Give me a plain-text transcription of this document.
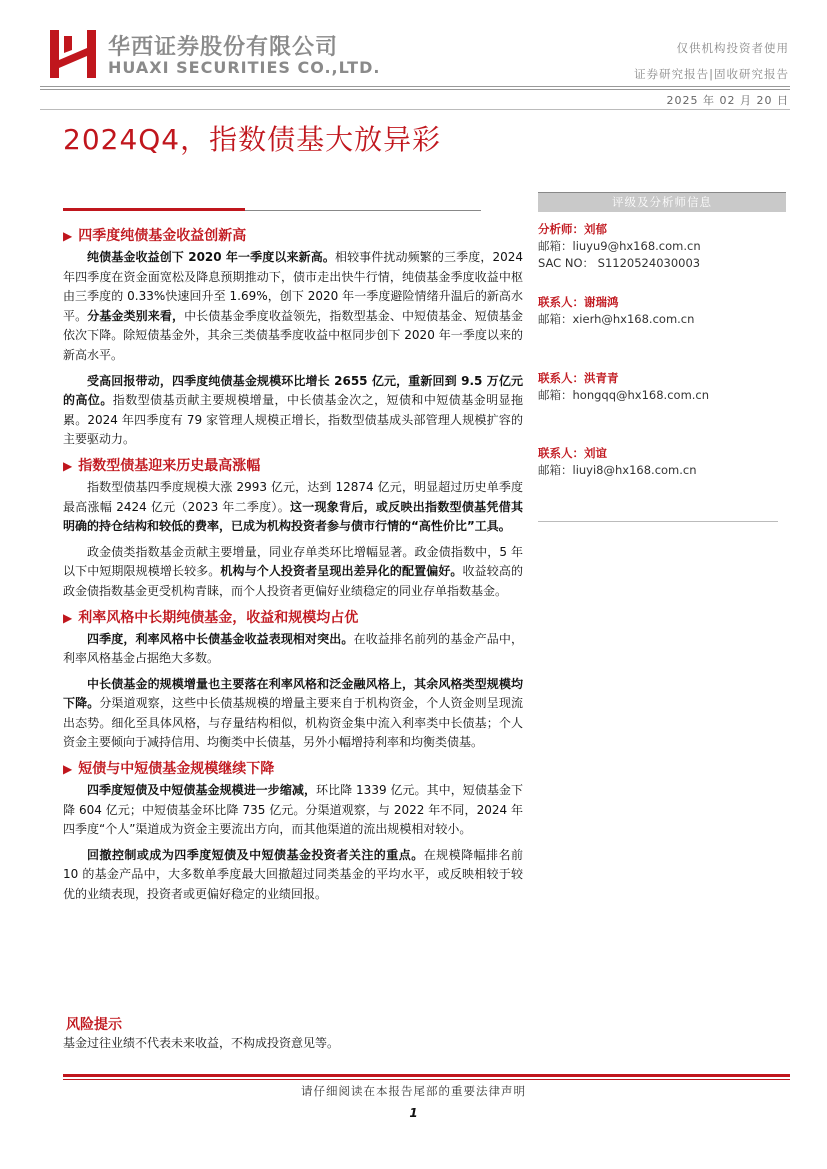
华西证券股份有限公司
HUAXI SECURITIES CO.,LTD.
仅供机构投资者使用
证券研究报告|固收研究报告
2025 年 02 月 20 日
2024Q4，指数债基大放异彩
▶ 四季度纯债基金收益创新高
纯债基金收益创下 2020 年一季度以来新高。相较事件扰动频繁的三季度，2024 年四季度在资金面宽松及降息预期推动下，债市走出快牛行情，纯债基金季度收益中枢由三季度的 0.33%快速回升至 1.69%，创下 2020 年一季度避险情绪升温后的新高水平。分基金类别来看，中长债基金季度收益领先，指数型基金、中短债基金、短债基金依次下降。除短债基金外，其余三类债基季度收益中枢同步创下 2020 年一季度以来的新高水平。
受高回报带动，四季度纯债基金规模环比增长 2655 亿元，重新回到 9.5 万亿元的高位。指数型债基贡献主要规模增量，中长债基金次之，短债和中短债基金明显拖累。2024 年四季度有 79 家管理人规模正增长，指数型债基成头部管理人规模扩容的主要驱动力。
▶ 指数型债基迎来历史最高涨幅
指数型债基四季度规模大涨 2993 亿元，达到 12874 亿元，明显超过历史单季度最高涨幅 2424 亿元（2023 年二季度）。这一现象背后，或反映出指数型债基凭借其明确的持仓结构和较低的费率，已成为机构投资者参与债市行情的“高性价比”工具。
政金债类指数基金贡献主要增量，同业存单类环比增幅显著。政金债指数中，5 年以下中短期限规模增长较多。机构与个人投资者呈现出差异化的配置偏好。收益较高的政金债指数基金更受机构青睐，而个人投资者更偏好业绩稳定的同业存单指数基金。
▶ 利率风格中长期纯债基金，收益和规模均占优
四季度，利率风格中长债基金收益表现相对突出。在收益排名前列的基金产品中，利率风格基金占据绝大多数。
中长债基金的规模增量也主要落在利率风格和泛金融风格上，其余风格类型规模均下降。分渠道观察，这些中长债基规模的增量主要来自于机构资金，个人资金则呈现流出态势。细化至具体风格，与存量结构相似，机构资金集中流入利率类中长债基；个人资金主要倾向于减持信用、均衡类中长债基，另外小幅增持利率和均衡类债基。
▶ 短债与中短债基金规模继续下降
四季度短债及中短债基金规模进一步缩减，环比降 1339 亿元。其中，短债基金下降 604 亿元；中短债基金环比降 735 亿元。分渠道观察，与 2022 年不同，2024 年四季度“个人”渠道成为资金主要流出方向，而其他渠道的流出规模相对较小。
回撤控制或成为四季度短债及中短债基金投资者关注的重点。在规模降幅排名前 10 的基金产品中，大多数单季度最大回撤超过同类基金的平均水平，或反映相较于较优的业绩表现，投资者或更偏好稳定的业绩回报。
风险提示
基金过往业绩不代表未来收益，不构成投资意见等。
评级及分析师信息
分析师：刘郁
邮箱：liuyu9@hx168.com.cn
SAC NO： S1120524030003
联系人：谢瑞鸿
邮箱：xierh@hx168.com.cn
联系人：洪青青
邮箱：hongqq@hx168.com.cn
联系人：刘谊
邮箱：liuyi8@hx168.com.cn
请仔细阅读在本报告尾部的重要法律声明
1
